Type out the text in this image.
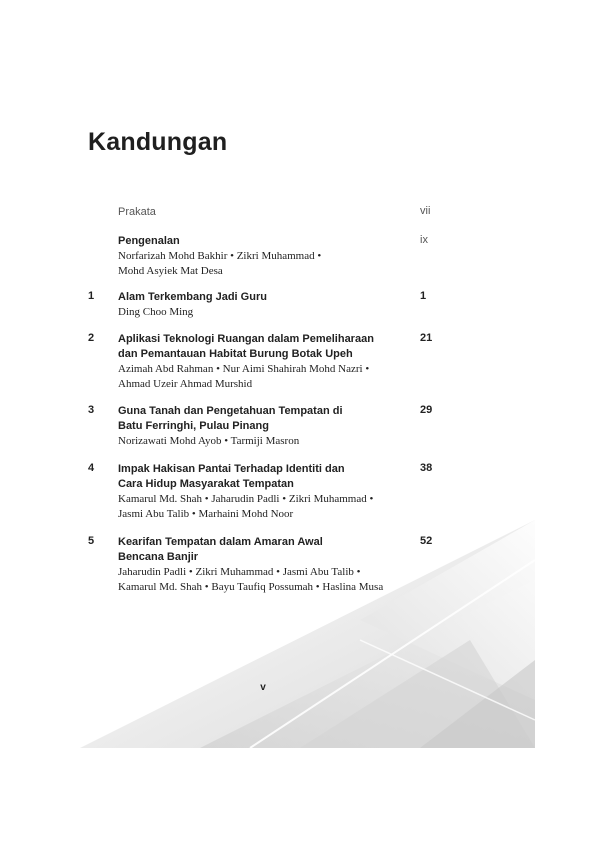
Kandungan
Prakata	vii
Pengenalan
Norfarizah Mohd Bakhir • Zikri Muhammad •
Mohd Asyiek Mat Desa
ix
1 Alam Terkembang Jadi Guru
Ding Choo Ming
1
2 Aplikasi Teknologi Ruangan dalam Pemeliharaan
dan Pemantauan Habitat Burung Botak Upeh
Azimah Abd Rahman • Nur Aimi Shahirah Mohd Nazri •
Ahmad Uzeir Ahmad Murshid
21
3 Guna Tanah dan Pengetahuan Tempatan di
Batu Ferringhi, Pulau Pinang
Norizawati Mohd Ayob • Tarmiji Masron
29
4 Impak Hakisan Pantai Terhadap Identiti dan
Cara Hidup Masyarakat Tempatan
Kamarul Md. Shah • Jaharudin Padli • Zikri Muhammad •
Jasmi Abu Talib • Marhaini Mohd Noor
38
5 Kearifan Tempatan dalam Amaran Awal
Bencana Banjir
Jaharudin Padli • Zikri Muhammad • Jasmi Abu Talib •
Kamarul Md. Shah • Bayu Taufiq Possumah • Haslina Musa
52
v
